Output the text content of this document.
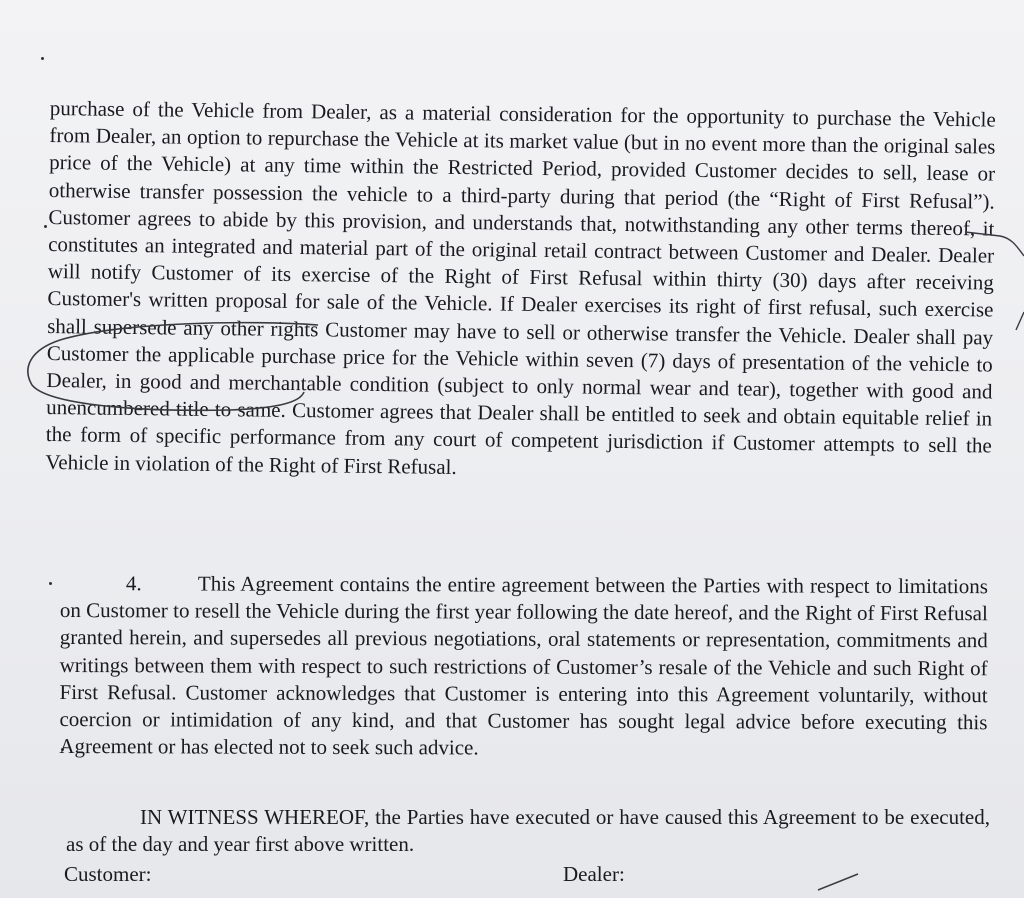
purchase of the Vehicle from Dealer, as a material consideration for the opportunity to purchase the Vehicle from Dealer, an option to repurchase the Vehicle at its market value (but in no event more than the original sales price of the Vehicle) at any time within the Restricted Period, provided Customer decides to sell, lease or otherwise transfer possession the vehicle to a third-party during that period (the “Right of First Refusal”). Customer agrees to abide by this provision, and understands that, notwithstanding any other terms thereof, it constitutes an integrated and material part of the original retail contract between Customer and Dealer. Dealer will notify Customer of its exercise of the Right of First Refusal within thirty (30) days after receiving Customer's written proposal for sale of the Vehicle. If Dealer exercises its right of first refusal, such exercise shall supersede any other rights Customer may have to sell or otherwise transfer the Vehicle. Dealer shall pay Customer the applicable purchase price for the Vehicle within seven (7) days of presentation of the vehicle to Dealer, in good and merchantable condition (subject to only normal wear and tear), together with good and unencumbered title to same. Customer agrees that Dealer shall be entitled to seek and obtain equitable relief in the form of specific performance from any court of competent jurisdiction if Customer attempts to sell the Vehicle in violation of the Right of First Refusal.

4.	This Agreement contains the entire agreement between the Parties with respect to limitations on Customer to resell the Vehicle during the first year following the date hereof, and the Right of First Refusal granted herein, and supersedes all previous negotiations, oral statements or representation, commitments and writings between them with respect to such restrictions of Customer’s resale of the Vehicle and such Right of First Refusal. Customer acknowledges that Customer is entering into this Agreement voluntarily, without coercion or intimidation of any kind, and that Customer has sought legal advice before executing this Agreement or has elected not to seek such advice.

IN WITNESS WHEREOF, the Parties have executed or have caused this Agreement to be executed, as of the day and year first above written.

Customer:	Dealer:
